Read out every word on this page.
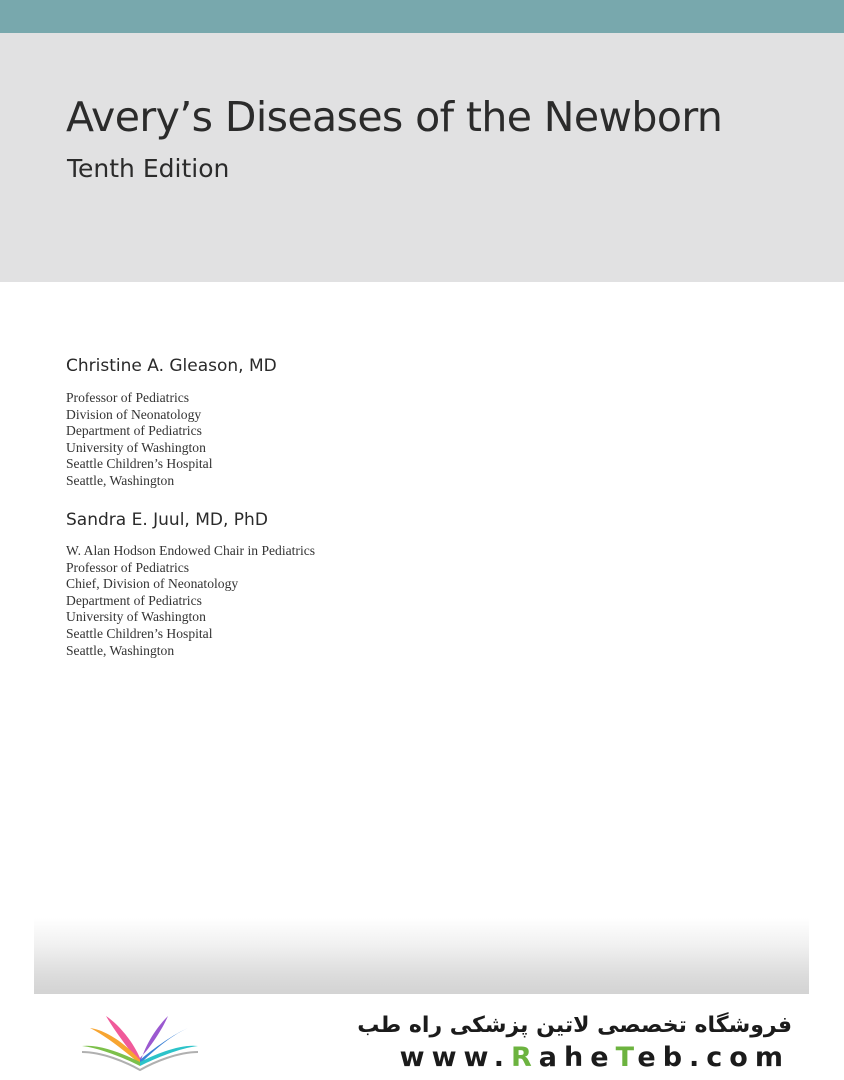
Avery’s Diseases of the Newborn

Tenth Edition

Christine A. Gleason, MD
Professor of Pediatrics
Division of Neonatology
Department of Pediatrics
University of Washington
Seattle Children’s Hospital
Seattle, Washington
Sandra E. Juul, MD, PhD
W. Alan Hodson Endowed Chair in Pediatrics
Professor of Pediatrics
Chief, Division of Neonatology
Department of Pediatrics
University of Washington
Seattle Children’s Hospital
Seattle, Washington

فروشگاه تخصصی لاتین پزشکی راه طب

www.RaheTeb.com
